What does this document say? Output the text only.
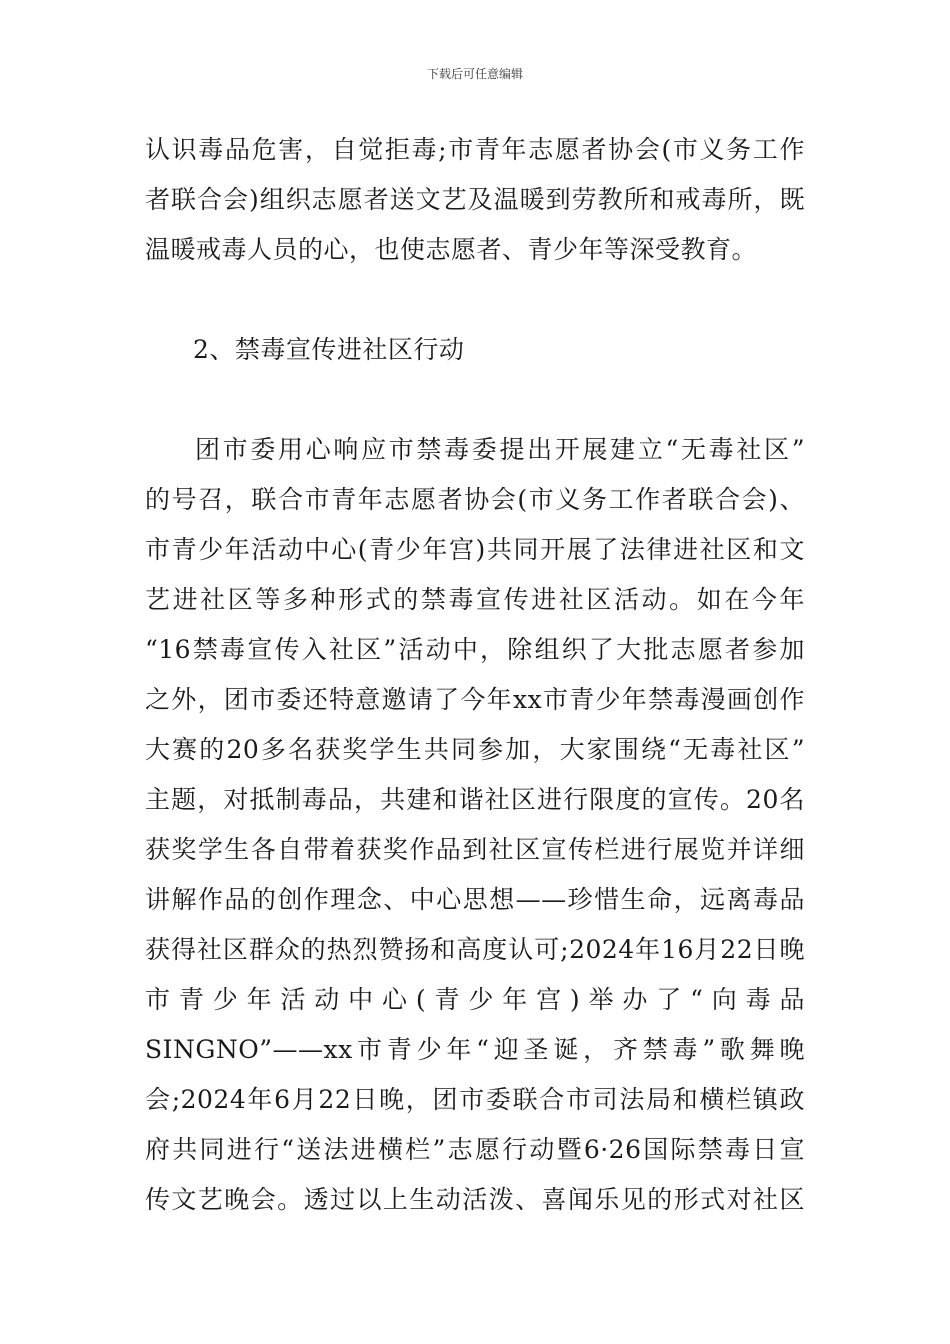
下载后可任意编辑
认识毒品危害，自觉拒毒;市青年志愿者协会(市义务工作
者联合会)组织志愿者送文艺及温暖到劳教所和戒毒所，既
温暖戒毒人员的心，也使志愿者、青少年等深受教育。
2、禁毒宣传进社区行动
团市委用心响应市禁毒委提出开展建立“无毒社区”
的号召，联合市青年志愿者协会(市义务工作者联合会)、
市青少年活动中心(青少年宫)共同开展了法律进社区和文
艺进社区等多种形式的禁毒宣传进社区活动。如在今年
“16禁毒宣传入社区”活动中，除组织了大批志愿者参加
之外，团市委还特意邀请了今年xx市青少年禁毒漫画创作
大赛的20多名获奖学生共同参加，大家围绕“无毒社区”
主题，对抵制毒品，共建和谐社区进行限度的宣传。20名
获奖学生各自带着获奖作品到社区宣传栏进行展览并详细
讲解作品的创作理念、中心思想——珍惜生命，远离毒品
获得社区群众的热烈赞扬和高度认可;2024年16月22日晚
市青少年活动中心(青少年宫)举办了“向毒品
SINGNO”——xx市青少年“迎圣诞，齐禁毒”歌舞晚
会;2024年6月22日晚，团市委联合市司法局和横栏镇政
府共同进行“送法进横栏”志愿行动暨6·26国际禁毒日宣
传文艺晚会。透过以上生动活泼、喜闻乐见的形式对社区
